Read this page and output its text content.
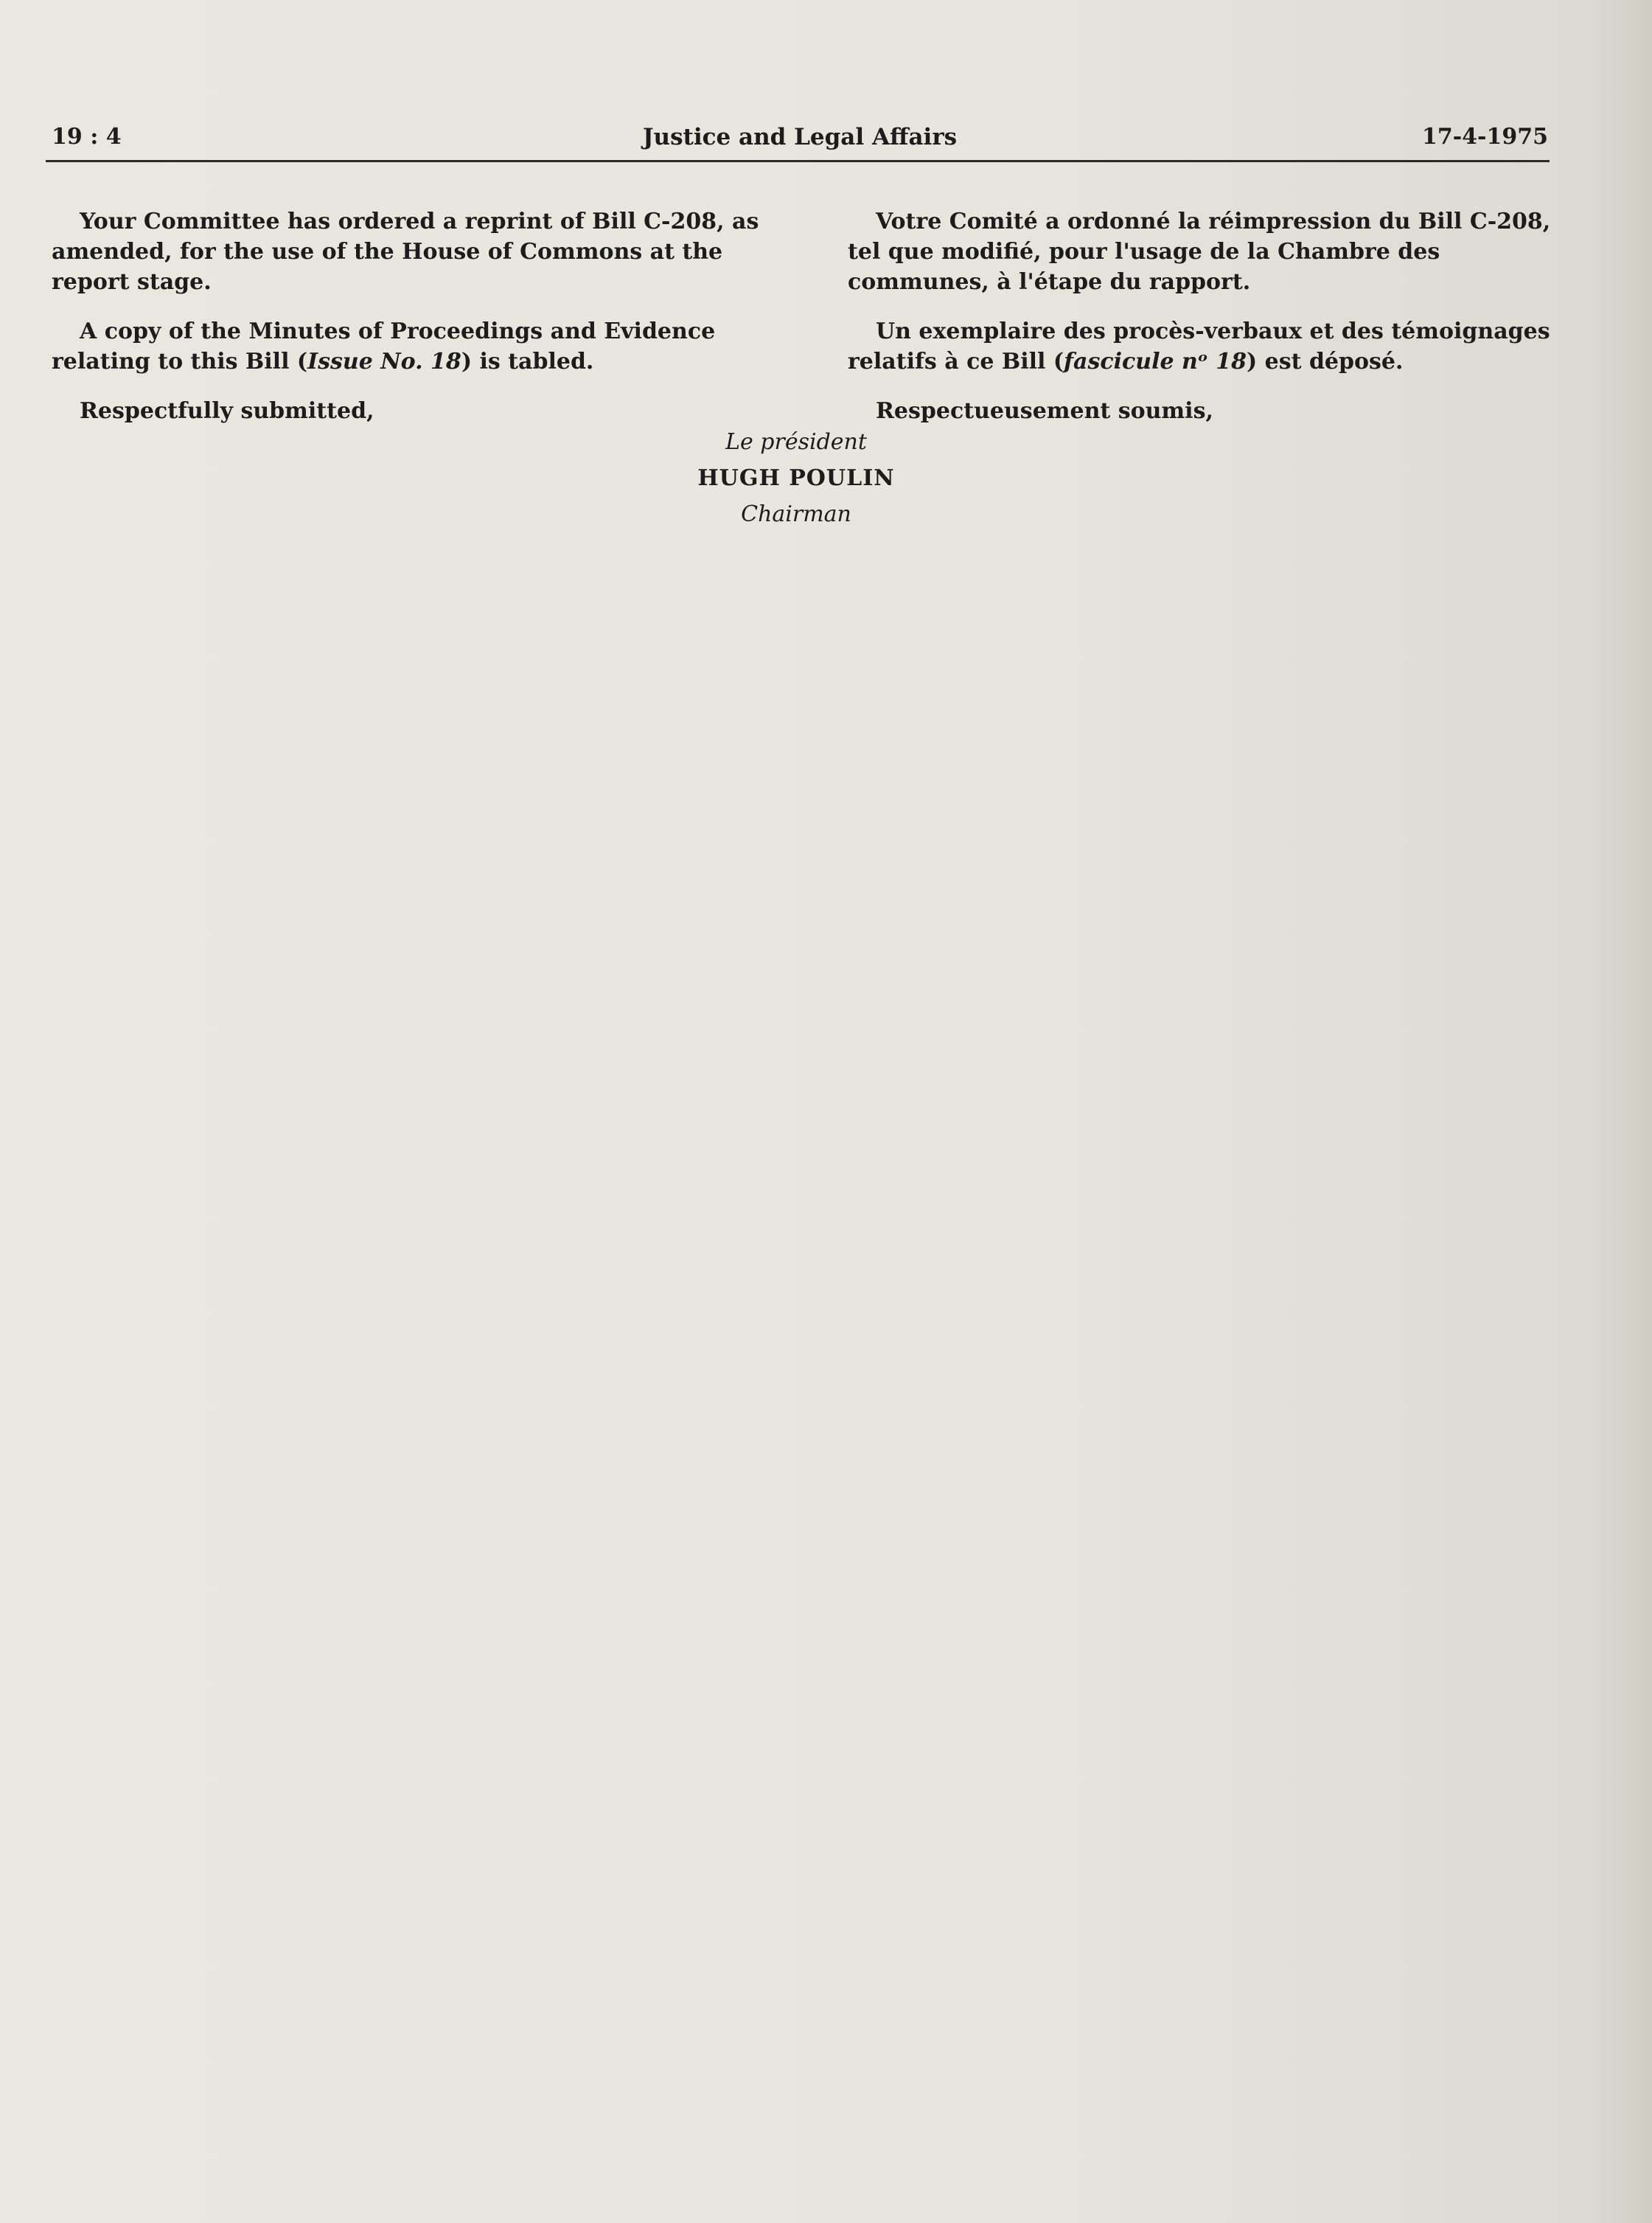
19 : 4	Justice and Legal Affairs	17-4-1975

Your Committee has ordered a reprint of Bill C-208, as amended, for the use of the House of Commons at the report stage.

A copy of the Minutes of Proceedings and Evidence relating to this Bill (Issue No. 18) is tabled.

Respectfully submitted,

Votre Comité a ordonné la réimpression du Bill C-208, tel que modifié, pour l'usage de la Chambre des communes, à l'étape du rapport.

Un exemplaire des procès-verbaux et des témoignages relatifs à ce Bill (fascicule nᵒ 18) est déposé.

Respectueusement soumis,

Le président
HUGH POULIN
Chairman
